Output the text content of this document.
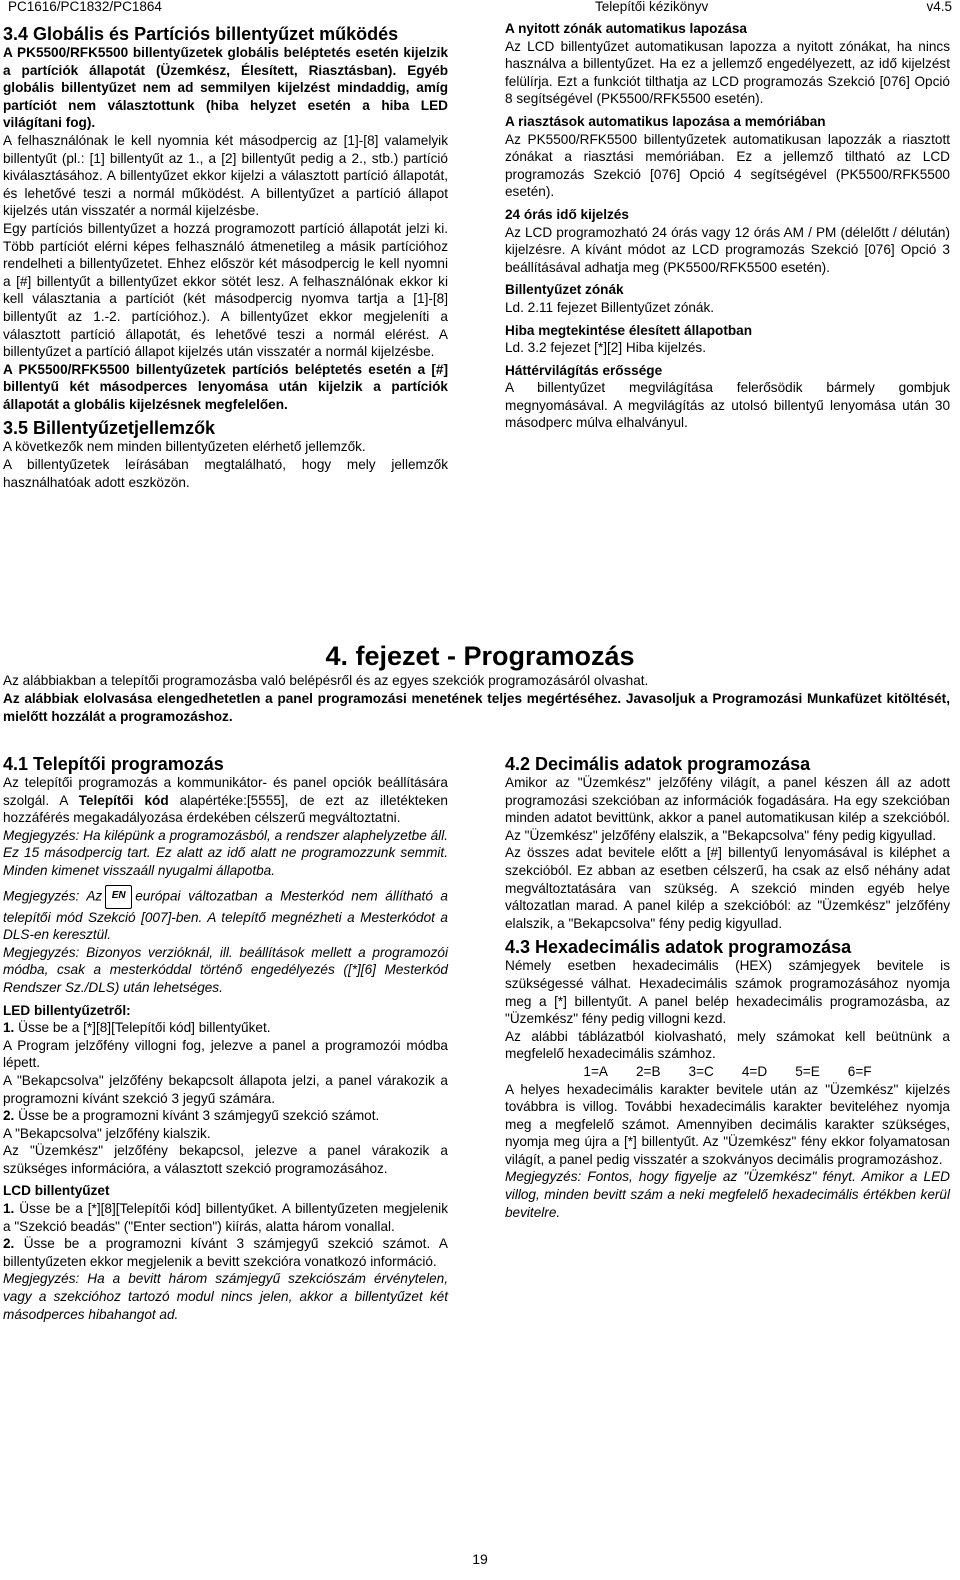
PC1616/PC1832/PC1864	Telepítői kézikönyv	v4.5
3.4 Globális és Partíciós billentyűzet működés

A PK5500/RFK5500 billentyűzetek globális beléptetés esetén kijelzik a partíciók állapotát (Üzemkész, Élesített, Riasztásban). Egyéb globális billentyűzet nem ad semmilyen kijelzést mindaddig, amíg partíciót nem választottunk (hiba helyzet esetén a hiba LED világítani fog).

A felhasználónak le kell nyomnia két másodpercig az [1]-[8] valamelyik billentyűt (pl.: [1] billentyűt az 1., a [2] billentyűt pedig a 2., stb.) partíció kiválasztásához. A billentyűzet ekkor kijelzi a választott partíció állapotát, és lehetővé teszi a normál működést. A billentyűzet a partíció állapot kijelzés után visszatér a normál kijelzésbe.

Egy partíciós billentyűzet a hozzá programozott partíció állapotát jelzi ki. Több partíciót elérni képes felhasználó átmenetileg a másik partícióhoz rendelheti a billentyűzetet. Ehhez először két másodpercig le kell nyomni a [#] billentyűt a billentyűzet ekkor sötét lesz. A felhasználónak ekkor ki kell választania a partíciót (két másodpercig nyomva tartja a [1]-[8] billentyűt az 1.-2. partícióhoz.). A billentyűzet ekkor megjeleníti a választott partíció állapotát, és lehetővé teszi a normál elérést. A billentyűzet a partíció állapot kijelzés után visszatér a normál kijelzésbe.

A PK5500/RFK5500 billentyűzetek partíciós beléptetés esetén a [#] billentyű két másodperces lenyomása után kijelzik a partíciók állapotát a globális kijelzésnek megfelelően.

3.5 Billentyűzetjellemzők

A következők nem minden billentyűzeten elérhető jellemzők.

A billentyűzetek leírásában megtalálható, hogy mely jellemzők használhatóak adott eszközön.

A nyitott zónák automatikus lapozása

Az LCD billentyűzet automatikusan lapozza a nyitott zónákat, ha nincs használva a billentyűzet. Ha ez a jellemző engedélyezett, az idő kijelzést felülírja. Ezt a funkciót tilthatja az LCD programozás Szekció [076] Opció 8 segítségével (PK5500/RFK5500 esetén).

A riasztások automatikus lapozása a memóriában

Az PK5500/RFK5500 billentyűzetek automatikusan lapozzák a riasztott zónákat a riasztási memóriában. Ez a jellemző tiltható az LCD programozás Szekció [076] Opció 4 segítségével (PK5500/RFK5500 esetén).

24 órás idő kijelzés

Az LCD programozható 24 órás vagy 12 órás AM / PM (délelőtt / délután) kijelzésre. A kívánt módot az LCD programozás Szekció [076] Opció 3 beállításával adhatja meg (PK5500/RFK5500 esetén).

Billentyűzet zónák

Ld. 2.11 fejezet Billentyűzet zónák.

Hiba megtekintése élesített állapotban

Ld. 3.2 fejezet [*][2] Hiba kijelzés.

Háttérvilágítás erőssége

A billentyűzet megvilágítása felerősödik bármely gombjuk megnyomásával. A megvilágítás az utolsó billentyű lenyomása után 30 másodperc múlva elhalványul.

4. fejezet - Programozás

Az alábbiakban a telepítői programozásba való belépésről és az egyes szekciók programozásáról olvashat.

Az alábbiak elolvasása elengedhetetlen a panel programozási menetének teljes megértéséhez. Javasoljuk a Programozási Munkafüzet kitöltését, mielőtt hozzálát a programozáshoz.

4.1 Telepítői programozás

Az telepítői programozás a kommunikátor- és panel opciók beállítására szolgál. A Telepítői kód alapértéke:[5555], de ezt az illetékteken hozzáférés megakadályozása érdekében célszerű megváltoztatni.

Megjegyzés: Ha kilépünk a programozásból, a rendszer alaphelyzetbe áll. Ez 15 másodpercig tart. Ez alatt az idő alatt ne programozzunk semmit. Minden kimenet visszaáll nyugalmi állapotba.

Megjegyzés: Az EN európai változatban a Mesterkód nem állítható a telepítői mód Szekció [007]-ben. A telepítő megnézheti a Mesterkódot a DLS-en keresztül.

Megjegyzés: Bizonyos verzióknál, ill. beállítások mellett a programozói módba, csak a mesterkóddal történő engedélyezés ([*][6] Mesterkód Rendszer Sz./DLS) után lehetséges.

LED billentyűzetről:

1. Üsse be a [*][8][Telepítői kód] billentyűket.

A Program jelzőfény villogni fog, jelezve a panel a programozói módba lépett.

A "Bekapcsolva" jelzőfény bekapcsolt állapota jelzi, a panel várakozik a programozni kívánt szekció 3 jegyű számára.

2. Üsse be a programozni kívánt 3 számjegyű szekció számot.

A "Bekapcsolva" jelzőfény kialszik.

Az "Üzemkész" jelzőfény bekapcsol, jelezve a panel várakozik a szükséges információra, a választott szekció programozásához.

LCD billentyűzet

1. Üsse be a [*][8][Telepítői kód] billentyűket. A billentyűzeten megjelenik a "Szekció beadás" ("Enter section") kiírás, alatta három vonallal.

2. Üsse be a programozni kívánt 3 számjegyű szekció számot. A billentyűzeten ekkor megjelenik a bevitt szekcióra vonatkozó információ.

Megjegyzés: Ha a bevitt három számjegyű szekciószám érvénytelen, vagy a szekcióhoz tartozó modul nincs jelen, akkor a billentyűzet két másodperces hibahangot ad.

4.2 Decimális adatok programozása

Amikor az "Üzemkész" jelzőfény világít, a panel készen áll az adott programozási szekcióban az információk fogadására. Ha egy szekcióban minden adatot bevittünk, akkor a panel automatikusan kilép a szekcióból. Az "Üzemkész" jelzőfény elalszik, a "Bekapcsolva" fény pedig kigyullad.

Az összes adat bevitele előtt a [#] billentyű lenyomásával is kiléphet a szekcióból. Ez abban az esetben célszerű, ha csak az első néhány adat megváltoztatására van szükség. A szekció minden egyéb helye változatlan marad. A panel kilép a szekcióból: az "Üzemkész" jelzőfény elalszik, a "Bekapcsolva" fény pedig kigyullad.

4.3 Hexadecimális adatok programozása

Némely esetben hexadecimális (HEX) számjegyek bevitele is szükségessé válhat. Hexadecimális számok programozásához nyomja meg a [*] billentyűt. A panel belép hexadecimális programozásba, az "Üzemkész" fény pedig villogni kezd.

Az alábbi táblázatból kiolvasható, mely számokat kell beütnünk a megfelelő hexadecimális számhoz.

1=A 2=B 3=C 4=D 5=E 6=F

A helyes hexadecimális karakter bevitele után az "Üzemkész" kijelzés továbbra is villog. További hexadecimális karakter beviteléhez nyomja meg a megfelelő számot. Amennyiben decimális karakter szükséges, nyomja meg újra a [*] billentyűt. Az "Üzemkész" fény ekkor folyamatosan világít, a panel pedig visszatér a szokványos decimális programozáshoz.

Megjegyzés: Fontos, hogy figyelje az "Üzemkész" fényt. Amikor a LED villog, minden bevitt szám a neki megfelelő hexadecimális értékben kerül bevitelre.

19
